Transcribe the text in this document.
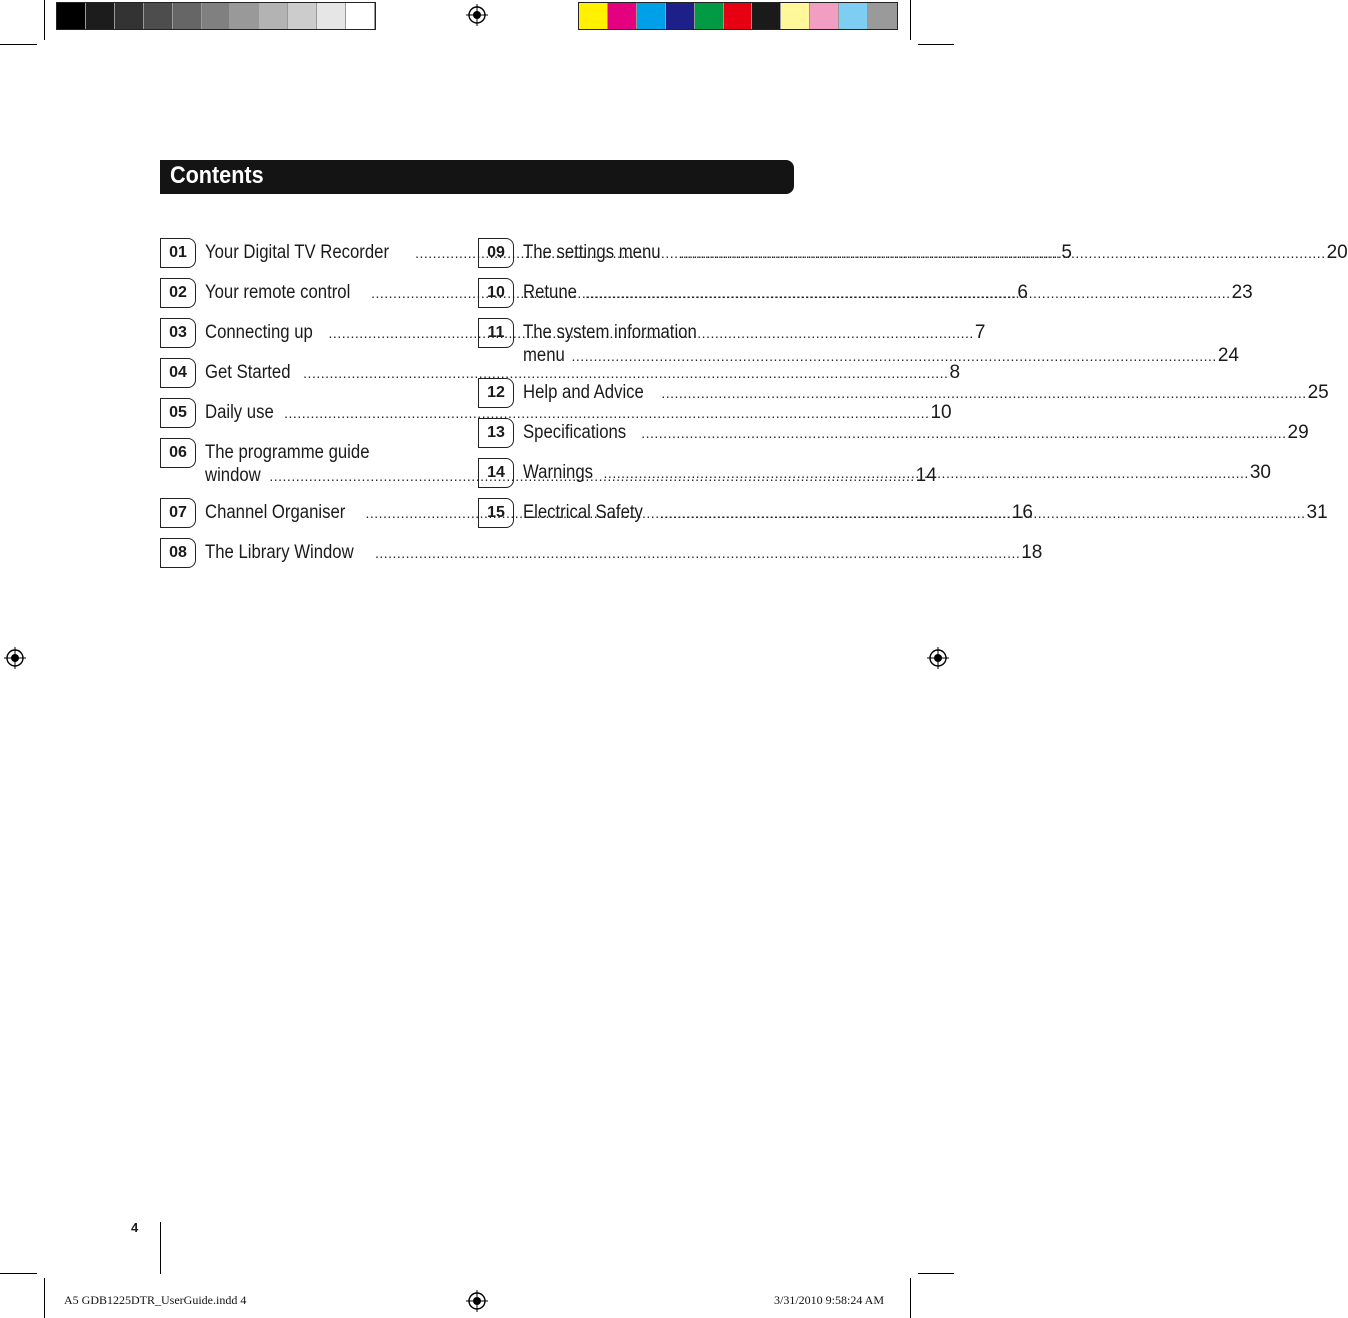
Contents
01 Your Digital TV Recorder .....	5
02 Your remote control .....	6
03 Connecting up .....	7
04 Get Started .....	8
05 Daily use .....	10
06 The programme guide
window .....	14
07 Channel Organiser .....	16
08 The Library Window .....	18
09 The settings menu .....	20
10 Retune .....	23
11 The system information
menu .....	24
12 Help and Advice .....	25
13 Specifications .....	29
14 Warnings .....	30
15 Electrical Safety .....	31
4
A5 GDB1225DTR_UserGuide.indd 4	3/31/2010 9:58:24 AM
